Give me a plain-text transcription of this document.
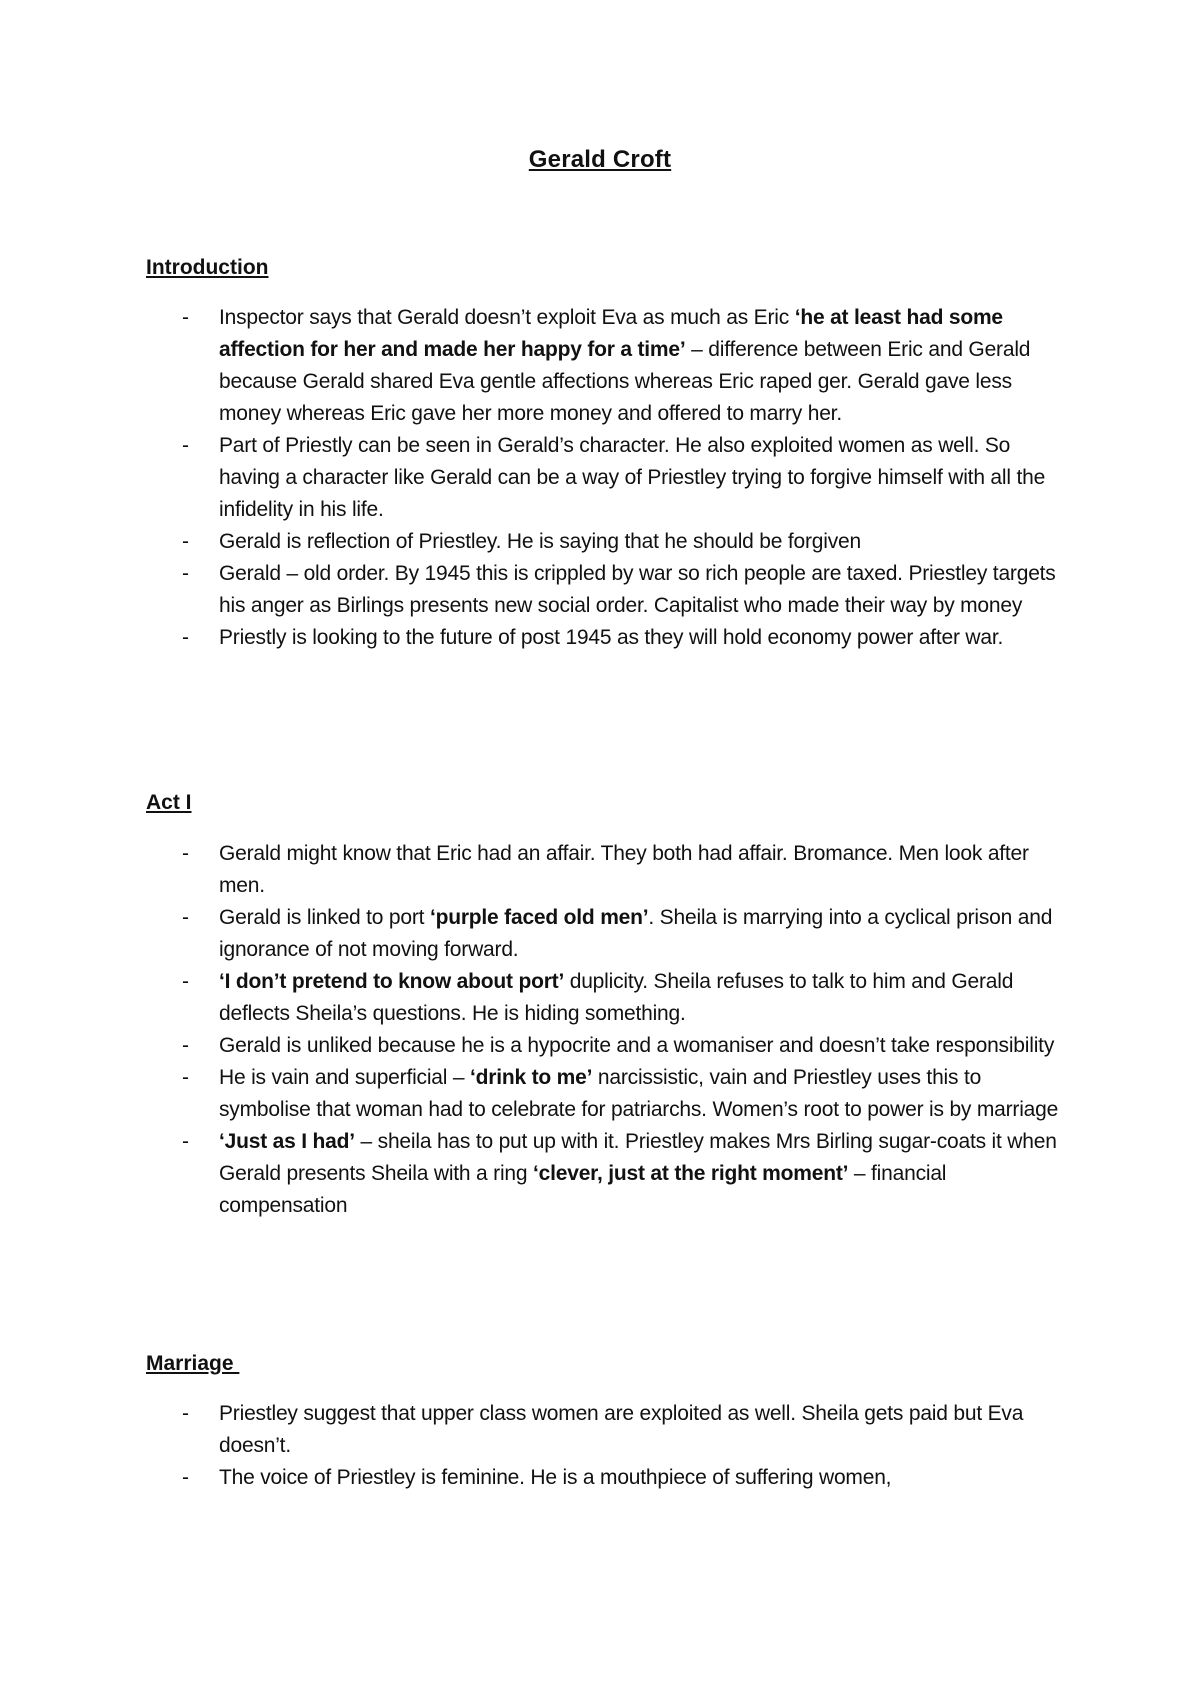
Gerald Croft
Introduction
- Inspector says that Gerald doesn’t exploit Eva as much as Eric ‘he at least had some affection for her and made her happy for a time’ – difference between Eric and Gerald because Gerald shared Eva gentle affections whereas Eric raped ger. Gerald gave less money whereas Eric gave her more money and offered to marry her.
- Part of Priestly can be seen in Gerald’s character. He also exploited women as well. So having a character like Gerald can be a way of Priestley trying to forgive himself with all the infidelity in his life.
- Gerald is reflection of Priestley. He is saying that he should be forgiven
- Gerald – old order. By 1945 this is crippled by war so rich people are taxed. Priestley targets his anger as Birlings presents new social order. Capitalist who made their way by money
- Priestly is looking to the future of post 1945 as they will hold economy power after war.
Act I
- Gerald might know that Eric had an affair. They both had affair. Bromance. Men look after men.
- Gerald is linked to port ‘purple faced old men’. Sheila is marrying into a cyclical prison and ignorance of not moving forward.
- ‘I don’t pretend to know about port’ duplicity. Sheila refuses to talk to him and Gerald deflects Sheila’s questions. He is hiding something.
- Gerald is unliked because he is a hypocrite and a womaniser and doesn’t take responsibility
- He is vain and superficial – ‘drink to me’ narcissistic, vain and Priestley uses this to symbolise that woman had to celebrate for patriarchs. Women’s root to power is by marriage
- ‘Just as I had’ – sheila has to put up with it. Priestley makes Mrs Birling sugar-coats it when Gerald presents Sheila with a ring ‘clever, just at the right moment’ – financial compensation
Marriage
- Priestley suggest that upper class women are exploited as well. Sheila gets paid but Eva doesn’t.
- The voice of Priestley is feminine. He is a mouthpiece of suffering women,
